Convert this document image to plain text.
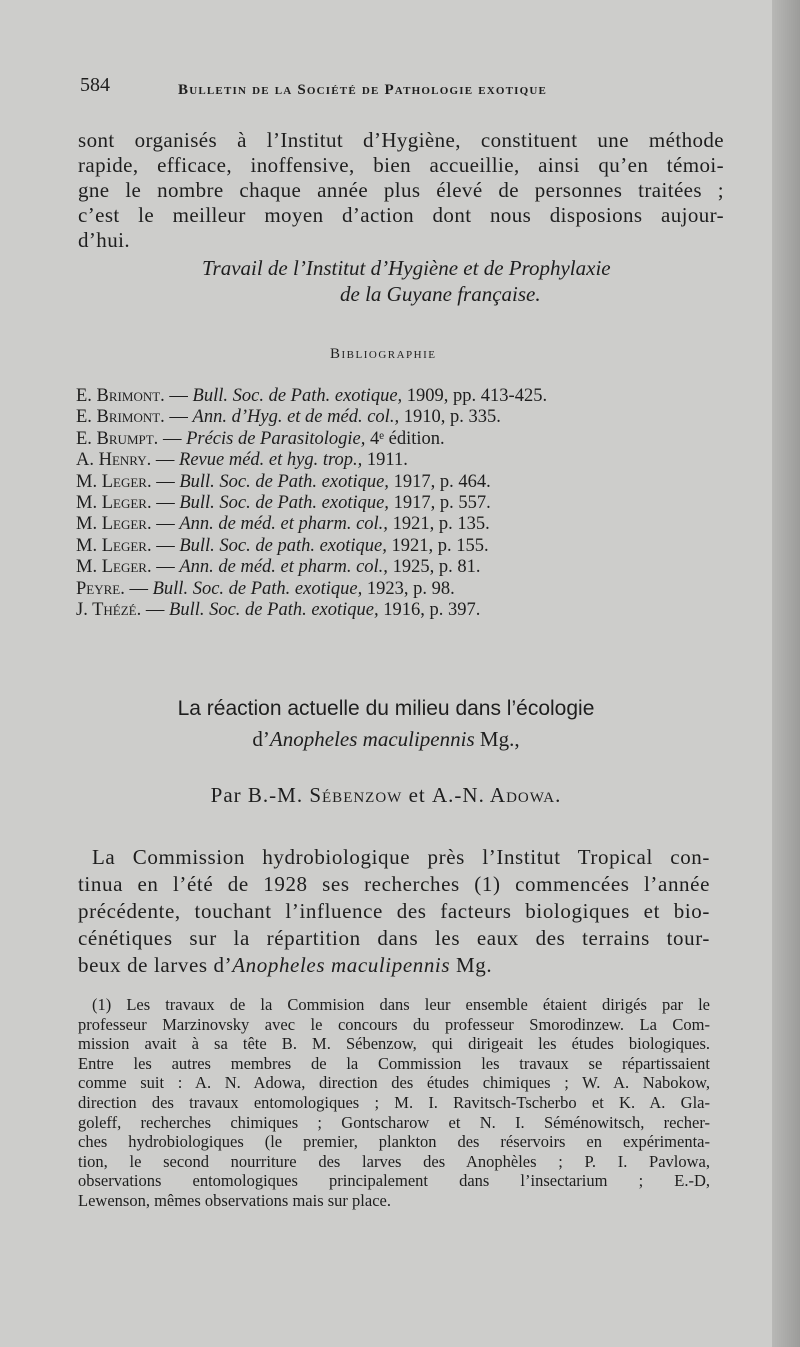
584	Bulletin de la Société de Pathologie exotique
sont organisés à l’Institut d’Hygiène, constituent une méthode
rapide, efficace, inoffensive, bien accueillie, ainsi qu’en témoi-
gne le nombre chaque année plus élevé de personnes traitées ;
c’est le meilleur moyen d’action dont nous disposions aujour-
d’hui.
Travail de l’Institut d’Hygiène et de Prophylaxie
de la Guyane française.
Bibliographie
E. Brimont. — Bull. Soc. de Path. exotique, 1909, pp. 413-425.
E. Brimont. — Ann. d’Hyg. et de méd. col., 1910, p. 335.
E. Brumpt. — Précis de Parasitologie, 4ᵉ édition.
A. Henry. — Revue méd. et hyg. trop., 1911.
M. Leger. — Bull. Soc. de Path. exotique, 1917, p. 464.
M. Leger. — Bull. Soc. de Path. exotique, 1917, p. 557.
M. Leger. — Ann. de méd. et pharm. col., 1921, p. 135.
M. Leger. — Bull. Soc. de path. exotique, 1921, p. 155.
M. Leger. — Ann. de méd. et pharm. col., 1925, p. 81.
Peyre. — Bull. Soc. de Path. exotique, 1923, p. 98.
J. Thézé. — Bull. Soc. de Path. exotique, 1916, p. 397.
La réaction actuelle du milieu dans l’écologie
d’Anopheles maculipennis Mg.,
Par B.-M. Sébenzow et A.-N. Adowa.
La Commission hydrobiologique près l’Institut Tropical con-
tinua en l’été de 1928 ses recherches (1) commencées l’année
précédente, touchant l’influence des facteurs biologiques et bio-
cénétiques sur la répartition dans les eaux des terrains tour-
beux de larves d’Anopheles maculipennis Mg.
(1) Les travaux de la Commision dans leur ensemble étaient dirigés par le
professeur Marzinovsky avec le concours du professeur Smorodinzew. La Com-
mission avait à sa tête B. M. Sébenzow, qui dirigeait les études biologiques.
Entre les autres membres de la Commission les travaux se répartissaient
comme suit : A. N. Adowa, direction des études chimiques ; W. A. Nabokow,
direction des travaux entomologiques ; M. I. Ravitsch-Tscherbo et K. A. Gla-
goleff, recherches chimiques ; Gontscharow et N. I. Séménowitsch, recher-
ches hydrobiologiques (le premier, plankton des réservoirs en expérimenta-
tion, le second nourriture des larves des Anophèles ; P. I. Pavlowa,
observations entomologiques principalement dans l’insectarium ; E.-D,
Lewenson, mêmes observations mais sur place.
